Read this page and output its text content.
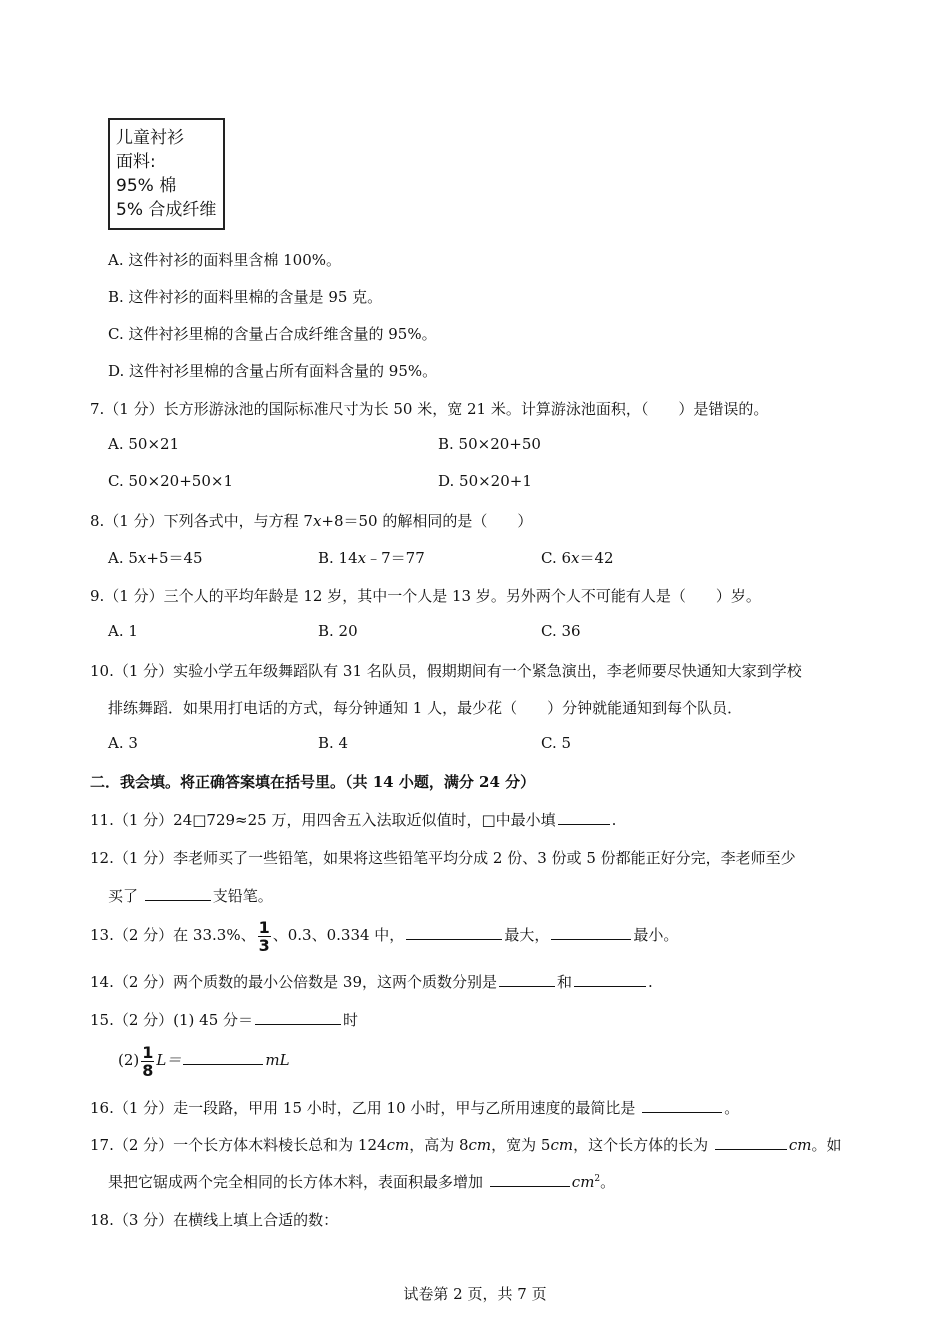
儿童衬衫
面料:
95% 棉
5% 合成纤维
A. 这件衬衫的面料里含棉 100%。
B. 这件衬衫的面料里棉的含量是 95 克。
C. 这件衬衫里棉的含量占合成纤维含量的 95%。
D. 这件衬衫里棉的含量占所有面料含量的 95%。
7.（1 分）长方形游泳池的国际标准尺寸为长 50 米，宽 21 米。计算游泳池面积，（　　）是错误的。
A. 50×21	B. 50×20+50
C. 50×20+50×1	D. 50×20+1
8.（1 分）下列各式中，与方程 7x+8＝50 的解相同的是（　　）
A. 5x+5＝45	B. 14x﹣7＝77	C. 6x＝42
9.（1 分）三个人的平均年龄是 12 岁，其中一个人是 13 岁。另外两个人不可能有人是（　　）岁。
A. 1	B. 20	C. 36
10.（1 分）实验小学五年级舞蹈队有 31 名队员，假期期间有一个紧急演出，李老师要尽快通知大家到学校
排练舞蹈．如果用打电话的方式，每分钟通知 1 人，最少花（　　）分钟就能通知到每个队员．
A. 3	B. 4	C. 5
二．我会填。将正确答案填在括号里。（共 14 小题，满分 24 分）
11.（1 分）24□729≈25 万，用四舍五入法取近似值时，□中最小填	.
12.（1 分）李老师买了一些铅笔，如果将这些铅笔平均分成 2 份、3 份或 5 份都能正好分完，李老师至少
买了	支铅笔。
13.（2 分）在 33.3%、 $\frac{1}{3}$ 、0.3、0.334 中，	最大，	最小。
14.（2 分）两个质数的最小公倍数是 39，这两个质数分别是	和	.
15.（2 分）(1) 45 分＝	时
$(2) \frac{1}{8} L=$	mL
16.（1 分）走一段路，甲用 15 小时，乙用 10 小时，甲与乙所用速度的最简比是	。
17.（2 分）一个长方体木料棱长总和为 124cm，高为 8cm，宽为 5cm，这个长方体的长为	cm。如
果把它锯成两个完全相同的长方体木料，表面积最多增加	$cm^2$。
18.（3 分）在横线上填上合适的数：
试卷第 2 页，共 7 页
